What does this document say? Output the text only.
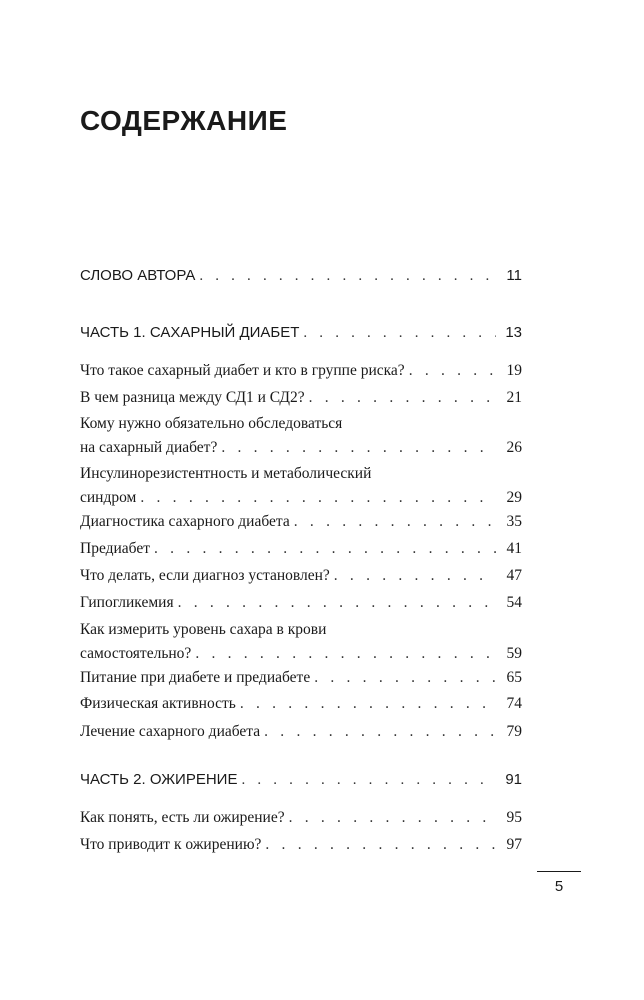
СОДЕРЖАНИЕ
СЛОВО АВТОРА . . .	11
ЧАСТЬ 1. САХАРНЫЙ ДИАБЕТ . . .	13
Что такое сахарный диабет и кто в группе риска? . . .	19
В чем разница между СД1 и СД2? . . .	21
Кому нужно обязательно обследоваться
на сахарный диабет? . . .	26
Инсулинорезистентность и метаболический
синдром . . .	29
Диагностика сахарного диабета . . .	35
Предиабет . . .	41
Что делать, если диагноз установлен? . . .	47
Гипогликемия . . .	54
Как измерить уровень сахара в крови
самостоятельно? . . .	59
Питание при диабете и предиабете . . .	65
Физическая активность . . .	74
Лечение сахарного диабета . . .	79
ЧАСТЬ 2. ОЖИРЕНИЕ . . .	91
Как понять, есть ли ожирение? . . .	95
Что приводит к ожирению? . . .	97
5
